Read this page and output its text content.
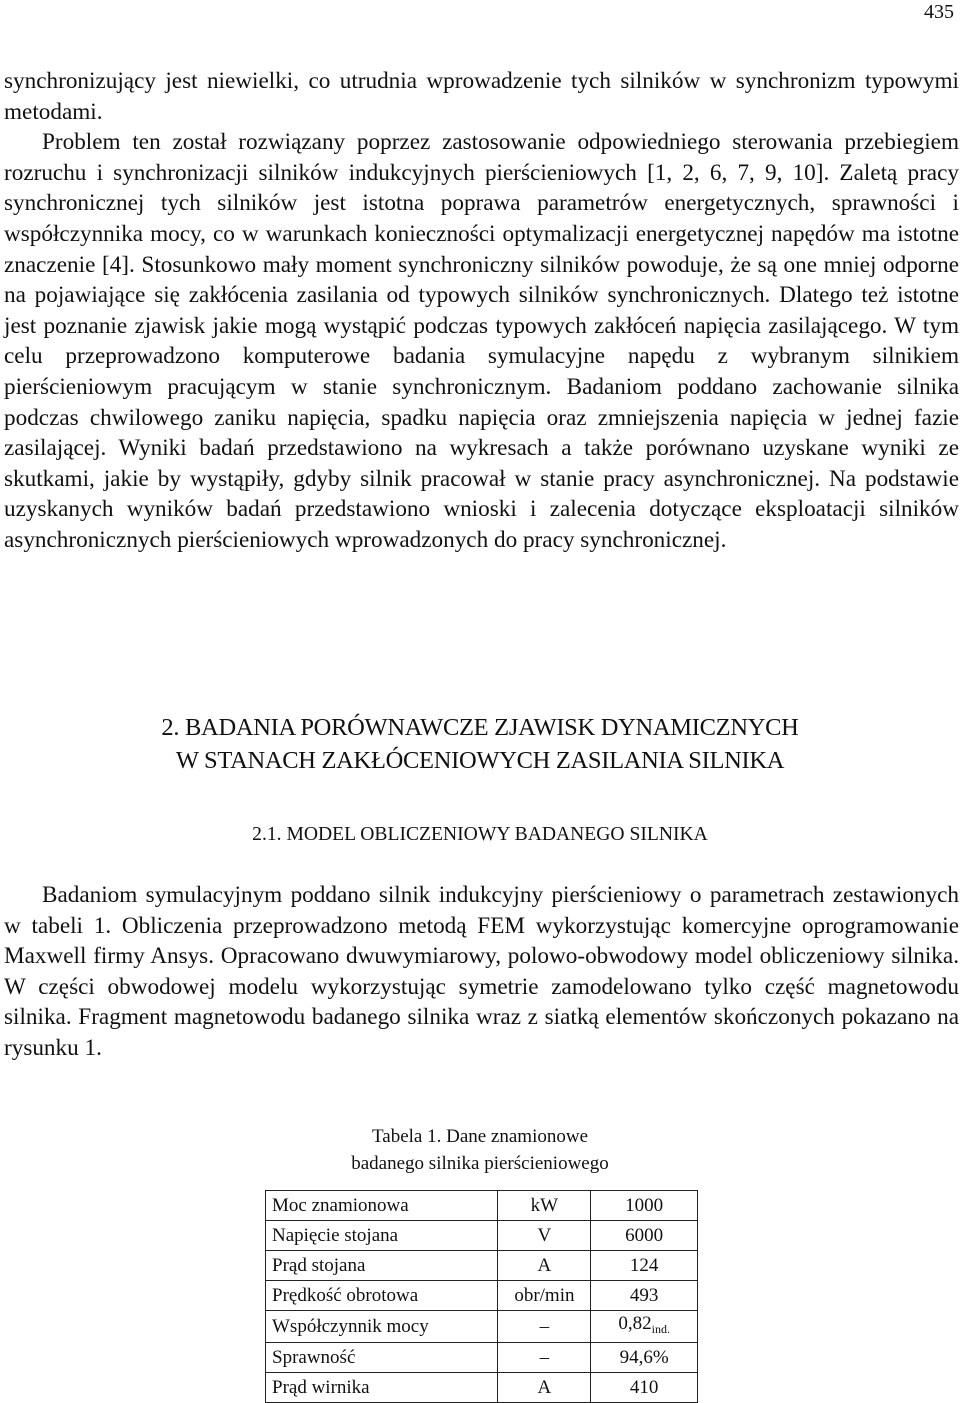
435

synchronizujący jest niewielki, co utrudnia wprowadzenie tych silników w synchronizm typowymi metodami.

Problem ten został rozwiązany poprzez zastosowanie odpowiedniego sterowania przebiegiem rozruchu i synchronizacji silników indukcyjnych pierścieniowych [1, 2, 6, 7, 9, 10]. Zaletą pracy synchronicznej tych silników jest istotna poprawa parametrów energetycznych, sprawności i współczynnika mocy, co w warunkach konieczności optymalizacji energetycznej napędów ma istotne znaczenie [4]. Stosunkowo mały moment synchroniczny silników powoduje, że są one mniej odporne na pojawiające się zakłócenia zasilania od typowych silników synchronicznych. Dlatego też istotne jest poznanie zjawisk jakie mogą wystąpić podczas typowych zakłóceń napięcia zasilającego. W tym celu przeprowadzono komputerowe badania symulacyjne napędu z wybranym silnikiem pierścieniowym pracującym w stanie synchronicznym. Badaniom poddano zachowanie silnika podczas chwilowego zaniku napięcia, spadku napięcia oraz zmniejszenia napięcia w jednej fazie zasilającej. Wyniki badań przedstawiono na wykresach a także porównano uzyskane wyniki ze skutkami, jakie by wystąpiły, gdyby silnik pracował w stanie pracy asynchronicznej. Na podstawie uzyskanych wyników badań przedstawiono wnioski i zalecenia dotyczące eksploatacji silników asynchronicznych pierścieniowych wprowadzonych do pracy synchronicznej.

2. BADANIA PORÓWNAWCZE ZJAWISK DYNAMICZNYCH
W STANACH ZAKŁÓCENIOWYCH ZASILANIA SILNIKA
2.1. MODEL OBLICZENIOWY BADANEGO SILNIKA

Badaniom symulacyjnym poddano silnik indukcyjny pierścieniowy o parametrach zestawionych w tabeli 1. Obliczenia przeprowadzono metodą FEM wykorzystując komercyjne oprogramowanie Maxwell firmy Ansys. Opracowano dwuwymiarowy, polowo-obwodowy model obliczeniowy silnika. W części obwodowej modelu wykorzystując symetrie zamodelowano tylko część magnetowodu silnika. Fragment magnetowodu badanego silnika wraz z siatką elementów skończonych pokazano na rysunku 1.

Tabela 1. Dane znamionowe
badanego silnika pierścieniowego
Moc znamionowa	kW	1000
Napięcie stojana	V	6000
Prąd stojana	A	124
Prędkość obrotowa	obr/min	493
Współczynnik mocy	–	$0,82_{ind.}$
Sprawność	–	94,6%
Prąd wirnika	A	410
